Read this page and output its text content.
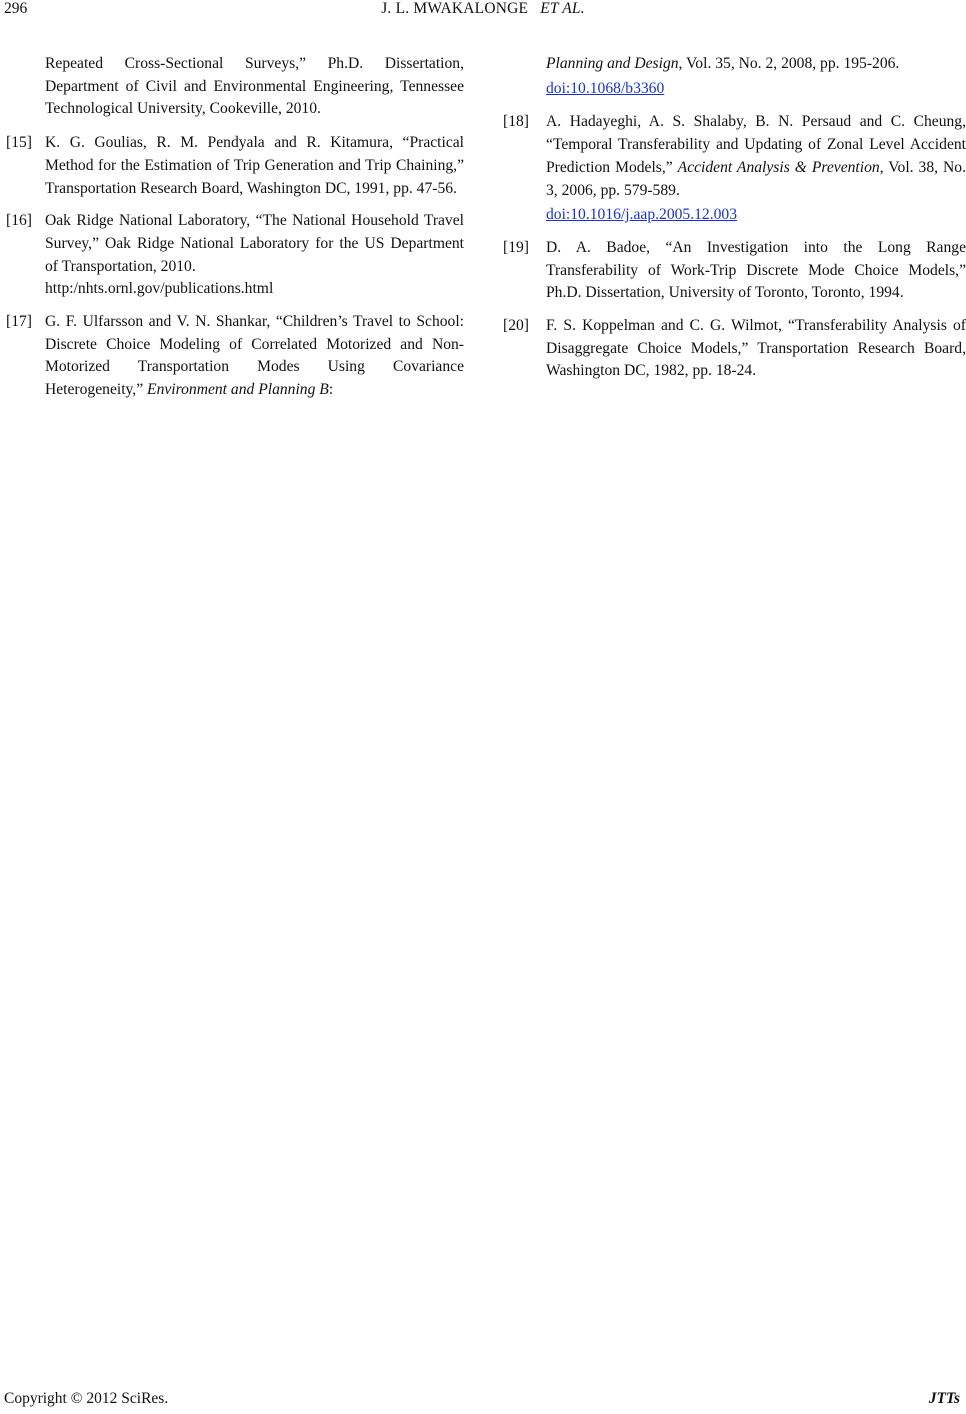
296	J. L. MWAKALONGE ET AL.
Repeated Cross-Sectional Surveys,” Ph.D. Dissertation, Department of Civil and Environmental Engineering, Tennessee Technological University, Cookeville, 2010.
[15] K. G. Goulias, R. M. Pendyala and R. Kitamura, “Practical Method for the Estimation of Trip Generation and Trip Chaining,” Transportation Research Board, Washington DC, 1991, pp. 47-56.
[16] Oak Ridge National Laboratory, “The National Household Travel Survey,” Oak Ridge National Laboratory for the US Department of Transportation, 2010.
http:/nhts.ornl.gov/publications.html
[17] G. F. Ulfarsson and V. N. Shankar, “Children’s Travel to School: Discrete Choice Modeling of Correlated Motorized and Non-Motorized Transportation Modes Using Covariance Heterogeneity,” Environment and Planning B:
Planning and Design, Vol. 35, No. 2, 2008, pp. 195-206.
doi:10.1068/b3360
[18] A. Hadayeghi, A. S. Shalaby, B. N. Persaud and C. Cheung, “Temporal Transferability and Updating of Zonal Level Accident Prediction Models,” Accident Analysis & Prevention, Vol. 38, No. 3, 2006, pp. 579-589.
doi:10.1016/j.aap.2005.12.003
[19] D. A. Badoe, “An Investigation into the Long Range Transferability of Work-Trip Discrete Mode Choice Models,” Ph.D. Dissertation, University of Toronto, Toronto, 1994.
[20] F. S. Koppelman and C. G. Wilmot, “Transferability Analysis of Disaggregate Choice Models,” Transportation Research Board, Washington DC, 1982, pp. 18-24.
Copyright © 2012 SciRes.	JTTs
